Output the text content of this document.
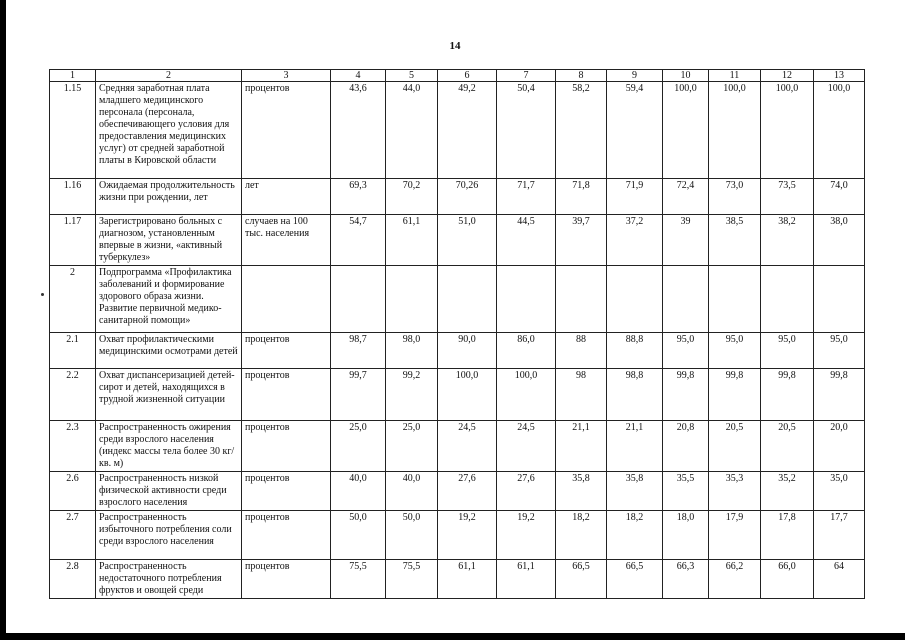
14
1	2	3	4	5	6	7	8	9	10	11	12	13
1.15	Средняя заработная плата младшего медицинского персонала (персонала, обеспечивающего условия для предоставления медицинских услуг) от средней заработной платы в Кировской области	процентов	43,6	44,0	49,2	50,4	58,2	59,4	100,0	100,0	100,0	100,0
1.16	Ожидаемая продолжительность жизни при рождении, лет	лет	69,3	70,2	70,26	71,7	71,8	71,9	72,4	73,0	73,5	74,0
1.17	Зарегистрировано больных с диагнозом, установленным впервые в жизни, «активный туберкулез»	случаев на 100 тыс. населения	54,7	61,1	51,0	44,5	39,7	37,2	39	38,5	38,2	38,0
2	Подпрограмма «Профилактика заболеваний и формирование здорового образа жизни. Развитие первичной медико-санитарной помощи»											
2.1	Охват профилактическими медицинскими осмотрами детей	процентов	98,7	98,0	90,0	86,0	88	88,8	95,0	95,0	95,0	95,0
2.2	Охват диспансеризацией детей-сирот и детей, находящихся в трудной жизненной ситуации	процентов	99,7	99,2	100,0	100,0	98	98,8	99,8	99,8	99,8	99,8
2.3	Распространенность ожирения среди взрослого населения (индекс массы тела более 30 кг/кв. м)	процентов	25,0	25,0	24,5	24,5	21,1	21,1	20,8	20,5	20,5	20,0
2.6	Распространенность низкой физической активности среди взрослого населения	процентов	40,0	40,0	27,6	27,6	35,8	35,8	35,5	35,3	35,2	35,0
2.7	Распространенность избыточного потребления соли среди взрослого населения	процентов	50,0	50,0	19,2	19,2	18,2	18,2	18,0	17,9	17,8	17,7
2.8	Распространенность недостаточного потребления фруктов и овощей среди	процентов	75,5	75,5	61,1	61,1	66,5	66,5	66,3	66,2	66,0	64
